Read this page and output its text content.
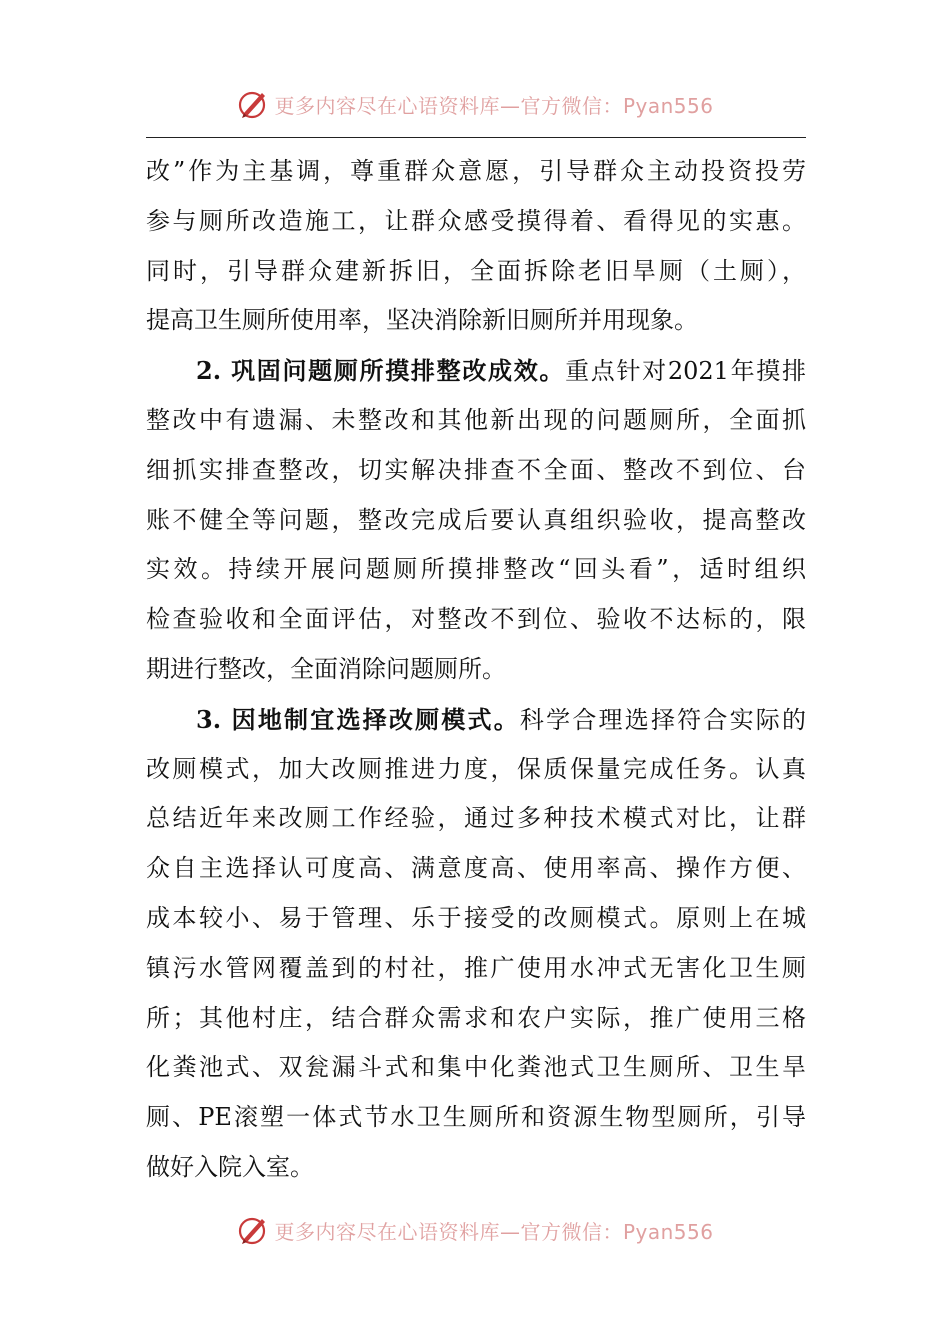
更多内容尽在心语资料库—官方微信：Pyan556
改”作为主基调，尊重群众意愿，引导群众主动投资投劳
参与厕所改造施工，让群众感受摸得着、看得见的实惠。
同时，引导群众建新拆旧，全面拆除老旧旱厕（土厕），
提高卫生厕所使用率，坚决消除新旧厕所并用现象。
2. 巩固问题厕所摸排整改成效。重点针对2021年摸排
整改中有遗漏、未整改和其他新出现的问题厕所，全面抓
细抓实排查整改，切实解决排查不全面、整改不到位、台
账不健全等问题，整改完成后要认真组织验收，提高整改
实效。持续开展问题厕所摸排整改“回头看”，适时组织
检查验收和全面评估，对整改不到位、验收不达标的，限
期进行整改，全面消除问题厕所。
3. 因地制宜选择改厕模式。科学合理选择符合实际的
改厕模式，加大改厕推进力度，保质保量完成任务。认真
总结近年来改厕工作经验，通过多种技术模式对比，让群
众自主选择认可度高、满意度高、使用率高、操作方便、
成本较小、易于管理、乐于接受的改厕模式。原则上在城
镇污水管网覆盖到的村社，推广使用水冲式无害化卫生厕
所；其他村庄，结合群众需求和农户实际，推广使用三格
化粪池式、双瓮漏斗式和集中化粪池式卫生厕所、卫生旱
厕、PE滚塑一体式节水卫生厕所和资源生物型厕所，引导
做好入院入室。
更多内容尽在心语资料库—官方微信：Pyan556
